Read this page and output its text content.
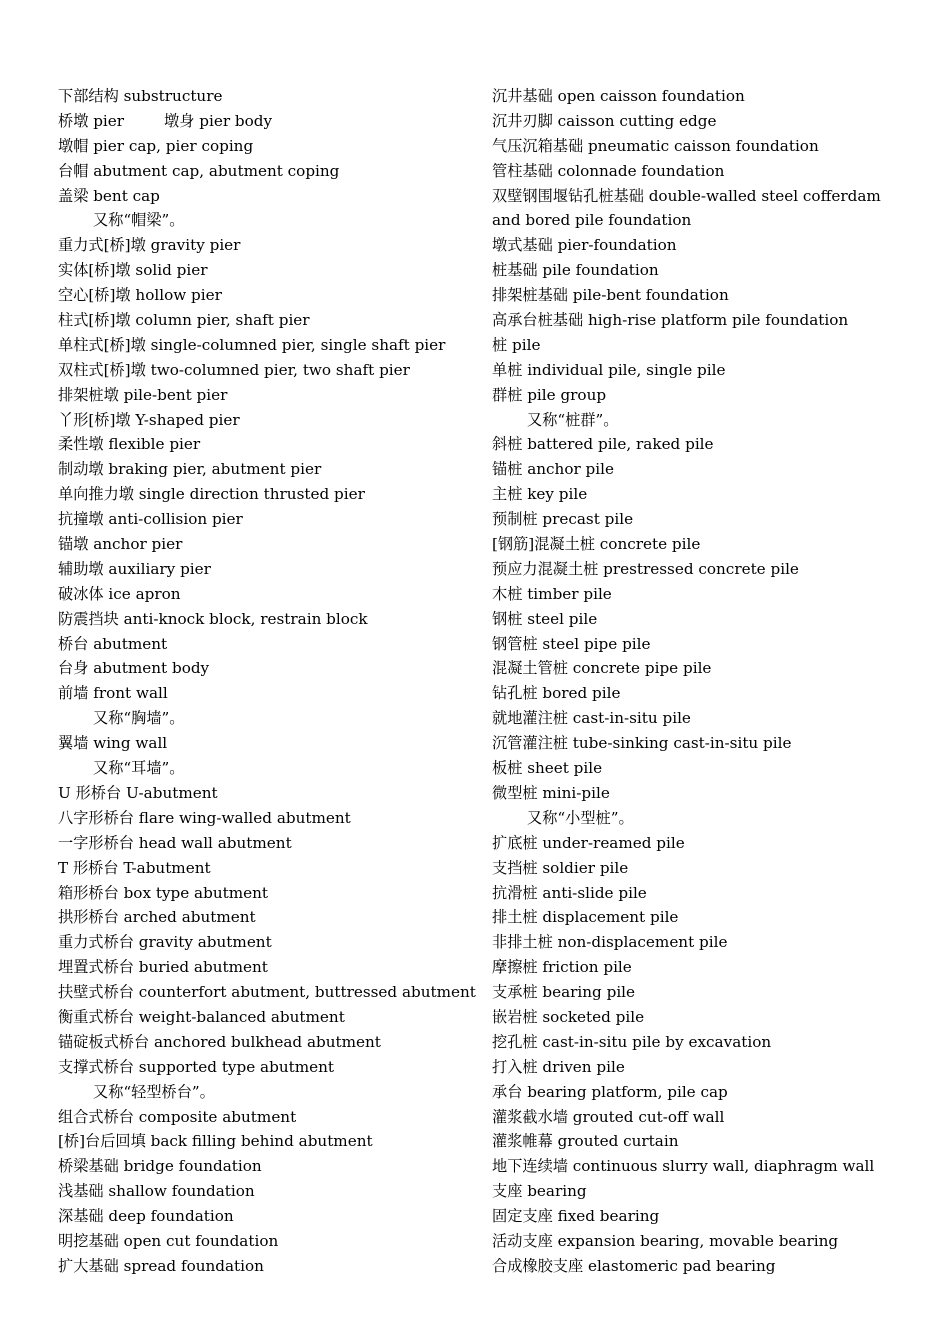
下部结构 substructure
桥墩 pier 　　 墩身 pier body
墩帽 pier cap, pier coping
台帽 abutment cap, abutment coping
盖梁 bent cap
又称“帽梁”。
重力式[桥]墩 gravity pier
实体[桥]墩 solid pier
空心[桥]墩 hollow pier
柱式[桥]墩 column pier, shaft pier
单柱式[桥]墩 single-columned pier, single shaft pier
双柱式[桥]墩 two-columned pier, two shaft pier
排架桩墩 pile-bent pier
丫形[桥]墩 Y-shaped pier
柔性墩 flexible pier
制动墩 braking pier, abutment pier
单向推力墩 single direction thrusted pier
抗撞墩 anti-collision pier
锚墩 anchor pier
辅助墩 auxiliary pier
破冰体 ice apron
防震挡块 anti-knock block, restrain block
桥台 abutment
台身 abutment body
前墙 front wall
又称“胸墙”。
翼墙 wing wall
又称“耳墙”。
U 形桥台 U-abutment
八字形桥台 flare wing-walled abutment
一字形桥台 head wall abutment
T 形桥台 T-abutment
箱形桥台 box type abutment
拱形桥台 arched abutment
重力式桥台 gravity abutment
埋置式桥台 buried abutment
扶壁式桥台 counterfort abutment, buttressed abutment
衡重式桥台 weight-balanced abutment
锚碇板式桥台 anchored bulkhead abutment
支撑式桥台 supported type abutment
又称“轻型桥台”。
组合式桥台 composite abutment
[桥]台后回填 back filling behind abutment
桥梁基础 bridge foundation
浅基础 shallow foundation
深基础 deep foundation
明挖基础 open cut foundation
扩大基础 spread foundation
沉井基础 open caisson foundation
沉井刃脚 caisson cutting edge
气压沉箱基础 pneumatic caisson foundation
管柱基础 colonnade foundation
双壁钢围堰钻孔桩基础 double-walled steel cofferdam
and bored pile foundation
墩式基础 pier-foundation
桩基础 pile foundation
排架桩基础 pile-bent foundation
高承台桩基础 high-rise platform pile foundation
桩 pile
单桩 individual pile, single pile
群桩 pile group
又称“桩群”。
斜桩 battered pile, raked pile
锚桩 anchor pile
主桩 key pile
预制桩 precast pile
[钢筋]混凝土桩 concrete pile
预应力混凝土桩 prestressed concrete pile
木桩 timber pile
钢桩 steel pile
钢管桩 steel pipe pile
混凝土管桩 concrete pipe pile
钻孔桩 bored pile
就地灌注桩 cast-in-situ pile
沉管灌注桩 tube-sinking cast-in-situ pile
板桩 sheet pile
微型桩 mini-pile
又称“小型桩”。
扩底桩 under-reamed pile
支挡桩 soldier pile
抗滑桩 anti-slide pile
排土桩 displacement pile
非排土桩 non-displacement pile
摩擦桩 friction pile
支承桩 bearing pile
嵌岩桩 socketed pile
挖孔桩 cast-in-situ pile by excavation
打入桩 driven pile
承台 bearing platform, pile cap
灌浆截水墙 grouted cut-off wall
灌浆帷幕 grouted curtain
地下连续墙 continuous slurry wall, diaphragm wall
支座 bearing
固定支座 fixed bearing
活动支座 expansion bearing, movable bearing
合成橡胶支座 elastomeric pad bearing
